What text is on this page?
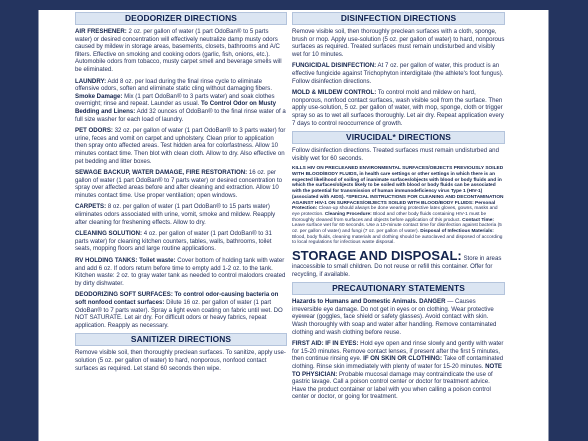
DEODORIZER DIRECTIONS

AIR FRESHENER: 2 oz. per gallon of water (1 part OdoBan® to 5 parts water) or desired concentration will effectively neutralize damp musty odors caused by mildew in storage areas, basements, closets, bathrooms and A/C filters. Effective on smoking and cooking odors (garlic, fish, onions, etc.). Automobile odors from tobacco, musty carpet smell and beverage smells will be eliminated.

LAUNDRY: Add 8 oz. per load during the final rinse cycle to eliminate offensive odors, soften and eliminate static cling without damaging fibers. Smoke Damage: Mix (1 part OdoBan® to 3 parts water) and soak clothes overnight; rinse and repeat. Launder as usual. To Control Odor on Musty Bedding and Linens: Add 32 ounces of OdoBan® to the final rinse water of a full size washer for each load of laundry.

PET ODORS: 32 oz. per gallon of water (1 part OdoBan® to 3 parts water) for urine, feces and vomit on carpet and upholstery. Clean prior to application then spray onto affected areas. Test hidden area for colorfastness. Allow 10 minutes contact time. Then blot with clean cloth. Allow to dry. Also effective on pet bedding and litter boxes.

SEWAGE BACKUP, WATER DAMAGE, FIRE RESTORATION: 16 oz. per gallon of water (1 part OdoBan® to 7 parts water) or desired concentration to spray over affected areas before and after cleaning and extraction. Allow 10 minutes contact time. Use proper ventilation; open windows.

CARPETS: 8 oz. per gallon of water (1 part OdoBan® to 15 parts water) eliminates odors associated with urine, vomit, smoke and mildew. Reapply after cleaning for freshening effects. Allow to dry.

CLEANING SOLUTION: 4 oz. per gallon of water (1 part OdoBan® to 31 parts water) for cleaning kitchen counters, tables, walls, bathrooms, toilet seats, mopping floors and large routine applications.

RV HOLDING TANKS: Toilet waste: Cover bottom of holding tank with water and add 6 oz. If odors return before time to empty add 1-2 oz. to the tank. Kitchen waste: 2 oz. to gray water tank as needed to control malodors created by dirty dishwater.

DEODORIZING SOFT SURFACES: To control odor-causing bacteria on soft nonfood contact surfaces: Dilute 16 oz. per gallon of water (1 part OdoBan® to 7 parts water). Spray a light even coating on fabric until wet. DO NOT SATURATE. Let air dry. For difficult odors or heavy fabrics, repeat application. Reapply as necessary.

SANITIZER DIRECTIONS

Remove visible soil, then thoroughly preclean surfaces. To sanitize, apply use-solution (5 oz. per gallon of water) to hard, nonporous, nonfood contact surfaces as required. Let stand 60 seconds then wipe.

DISINFECTION DIRECTIONS

Remove visible soil, then thoroughly preclean surfaces with a cloth, sponge, brush or mop. Apply use-solution (5 oz. per gallon of water) to hard, nonporous surfaces as required. Treated surfaces must remain undisturbed and visibly wet for 10 minutes.

FUNGICIDAL DISINFECTION: At 7 oz. per gallon of water, this product is an effective fungicide against Trichophyton interdigitale (the athlete's foot fungus). Follow disinfection directions.

MOLD & MILDEW CONTROL: To control mold and mildew on hard, nonporous, nonfood contact surfaces, wash visible soil from the surface. Then apply use-solution, 5 oz. per gallon of water, with mop, sponge, cloth or trigger spray so as to wet all surfaces thoroughly. Let air dry. Repeat application every 7 days to control reoccurrence of growth.

VIRUCIDAL* DIRECTIONS

Follow disinfection directions. Treated surfaces must remain undisturbed and visibly wet for 60 seconds.

KILLS HIV ON PRECLEANED ENVIRONMENTAL SURFACES/OBJECTS PREVIOUSLY SOILED WITH BLOOD/BODY FLUIDS, in health care settings or other settings in which there is an expected likelihood of soiling of inanimate surfaces/objects with blood or body fluids and in which the surfaces/objects likely to be soiled with blood or body fluids can be associated with the potential for transmission of human immunodeficiency virus Type 1 (HIV-1) (associated with AIDS). *SPECIAL INSTRUCTIONS FOR CLEANING AND DECONTAMINATION AGAINST HIV-1 ON SURFACES/OBJECTS SOILED WITH BLOOD/BODY FLUIDS: Personal Protection: Clean-up should always be done wearing protective latex gloves, gowns, masks and eye protection. Cleaning Procedure: Blood and other body fluids containing HIV-1 must be thoroughly cleaned from surfaces and objects before application of this product. Contact Time: Leave surface wet for 60 seconds. Use a 10-minute contact time for disinfection against bacteria (5 oz. per gallon of water) and fungi (7 oz. per gallon of water). Disposal of Infectious Materials: Blood, body fluids, cleaning materials and clothing should be autoclaved and disposed of according to local regulations for infectious waste disposal.

STORAGE AND DISPOSAL: Store in areas inaccessible to small children. Do not reuse or refill this container. Offer for recycling, if available.

PRECAUTIONARY STATEMENTS

Hazards to Humans and Domestic Animals. DANGER — Causes irreversible eye damage. Do not get in eyes or on clothing. Wear protective eyewear (goggles, face shield or safety glasses). Avoid contact with skin. Wash thoroughly with soap and water after handling. Remove contaminated clothing and wash clothing before reuse.

FIRST AID: IF IN EYES: Hold eye open and rinse slowly and gently with water for 15-20 minutes. Remove contact lenses, if present after the first 5 minutes, then continue rinsing eye. IF ON SKIN OR CLOTHING: Take off contaminated clothing. Rinse skin immediately with plenty of water for 15-20 minutes. NOTE TO PHYSICIAN: Probable mucosal damage may contraindicate the use of gastric lavage. Call a poison control center or doctor for treatment advice. Have the product container or label with you when calling a poison control center or doctor, or going for treatment.
